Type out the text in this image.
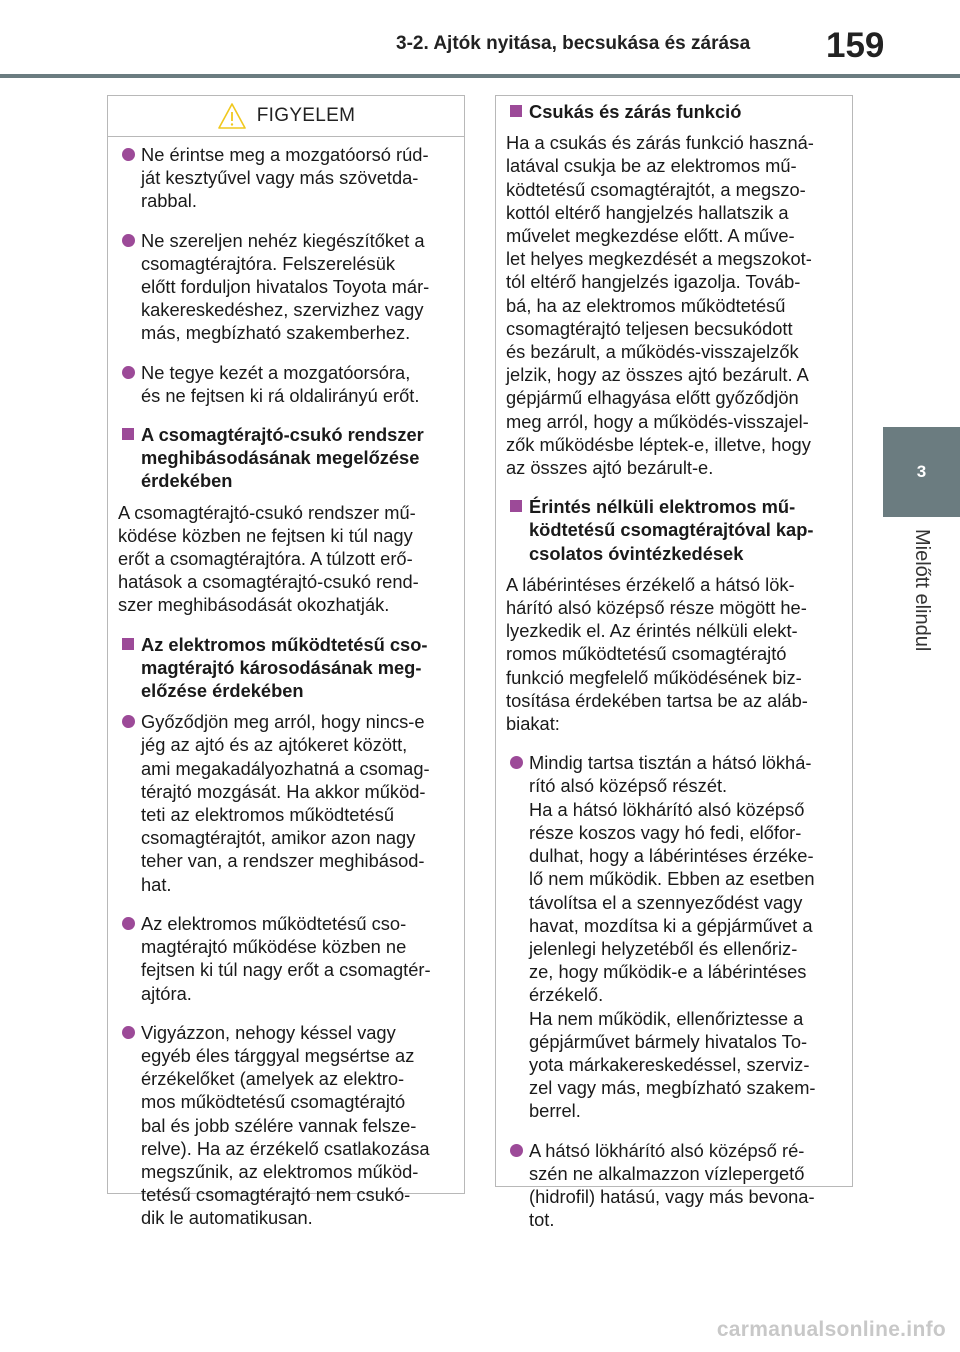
3-2. Ajtók nyitása, becsukása és zárása 159
3
Mielőtt elindul
FIGYELEM
Ne érintse meg a mozgatóorsó rúd-
ját kesztyűvel vagy más szövetda-
rabbal.
Ne szereljen nehéz kiegészítőket a
csomagtérajtóra. Felszerelésük
előtt forduljon hivatalos Toyota már-
kakereskedéshez, szervizhez vagy
más, megbízható szakemberhez.
Ne tegye kezét a mozgatóorsóra,
és ne fejtsen ki rá oldalirányú erőt.
A csomagtérajtó-csukó rendszer
meghibásodásának megelőzése
érdekében

A csomagtérajtó-csukó rendszer mű-
ködése közben ne fejtsen ki túl nagy
erőt a csomagtérajtóra. A túlzott erő-
hatások a csomagtérajtó-csukó rend-
szer meghibásodását okozhatják.

Az elektromos működtetésű cso-
magtérajtó károsodásának meg-
előzése érdekében
Győződjön meg arról, hogy nincs-e
jég az ajtó és az ajtókeret között,
ami megakadályozhatná a csomag-
térajtó mozgását. Ha akkor működ-
teti az elektromos működtetésű
csomagtérajtót, amikor azon nagy
teher van, a rendszer meghibásod-
hat.
Az elektromos működtetésű cso-
magtérajtó működése közben ne
fejtsen ki túl nagy erőt a csomagtér-
ajtóra.
Vigyázzon, nehogy késsel vagy
egyéb éles tárggyal megsértse az
érzékelőket (amelyek az elektro-
mos működtetésű csomagtérajtó
bal és jobb szélére vannak felsze-
relve). Ha az érzékelő csatlakozása
megszűnik, az elektromos működ-
tetésű csomagtérajtó nem csukó-
dik le automatikusan.
Csukás és zárás funkció

Ha a csukás és zárás funkció haszná-
latával csukja be az elektromos mű-
ködtetésű csomagtérajtót, a megszo-
kottól eltérő hangjelzés hallatszik a
művelet megkezdése előtt. A műve-
let helyes megkezdését a megszokot-
tól eltérő hangjelzés igazolja. Továb-
bá, ha az elektromos működtetésű
csomagtérajtó teljesen becsukódott
és bezárult, a működés-visszajelzők
jelzik, hogy az összes ajtó bezárult. A
gépjármű elhagyása előtt győződjön
meg arról, hogy a működés-visszajel-
zők működésbe léptek-e, illetve, hogy
az összes ajtó bezárult-e.

Érintés nélküli elektromos mű-
ködtetésű csomagtérajtóval kap-
csolatos óvintézkedések

A lábérintéses érzékelő a hátsó lök-
hárító alsó középső része mögött he-
lyezkedik el. Az érintés nélküli elekt-
romos működtetésű csomagtérajtó
funkció megfelelő működésének biz-
tosítása érdekében tartsa be az aláb-
biakat:

Mindig tartsa tisztán a hátsó lökhá-
rító alsó középső részét.
Ha a hátsó lökhárító alsó középső
része koszos vagy hó fedi, előfor-
dulhat, hogy a lábérintéses érzéke-
lő nem működik. Ebben az esetben
távolítsa el a szennyeződést vagy
havat, mozdítsa ki a gépjárművet a
jelenlegi helyzetéből és ellenőriz-
ze, hogy működik-e a lábérintéses
érzékelő.
Ha nem működik, ellenőriztesse a
gépjárművet bármely hivatalos To-
yota márkakereskedéssel, szerviz-
zel vagy más, megbízható szakem-
berrel.
A hátsó lökhárító alsó középső ré-
szén ne alkalmazzon vízlepergető
(hidrofil) hatású, vagy más bevona-
tot.
carmanualsonline.info
